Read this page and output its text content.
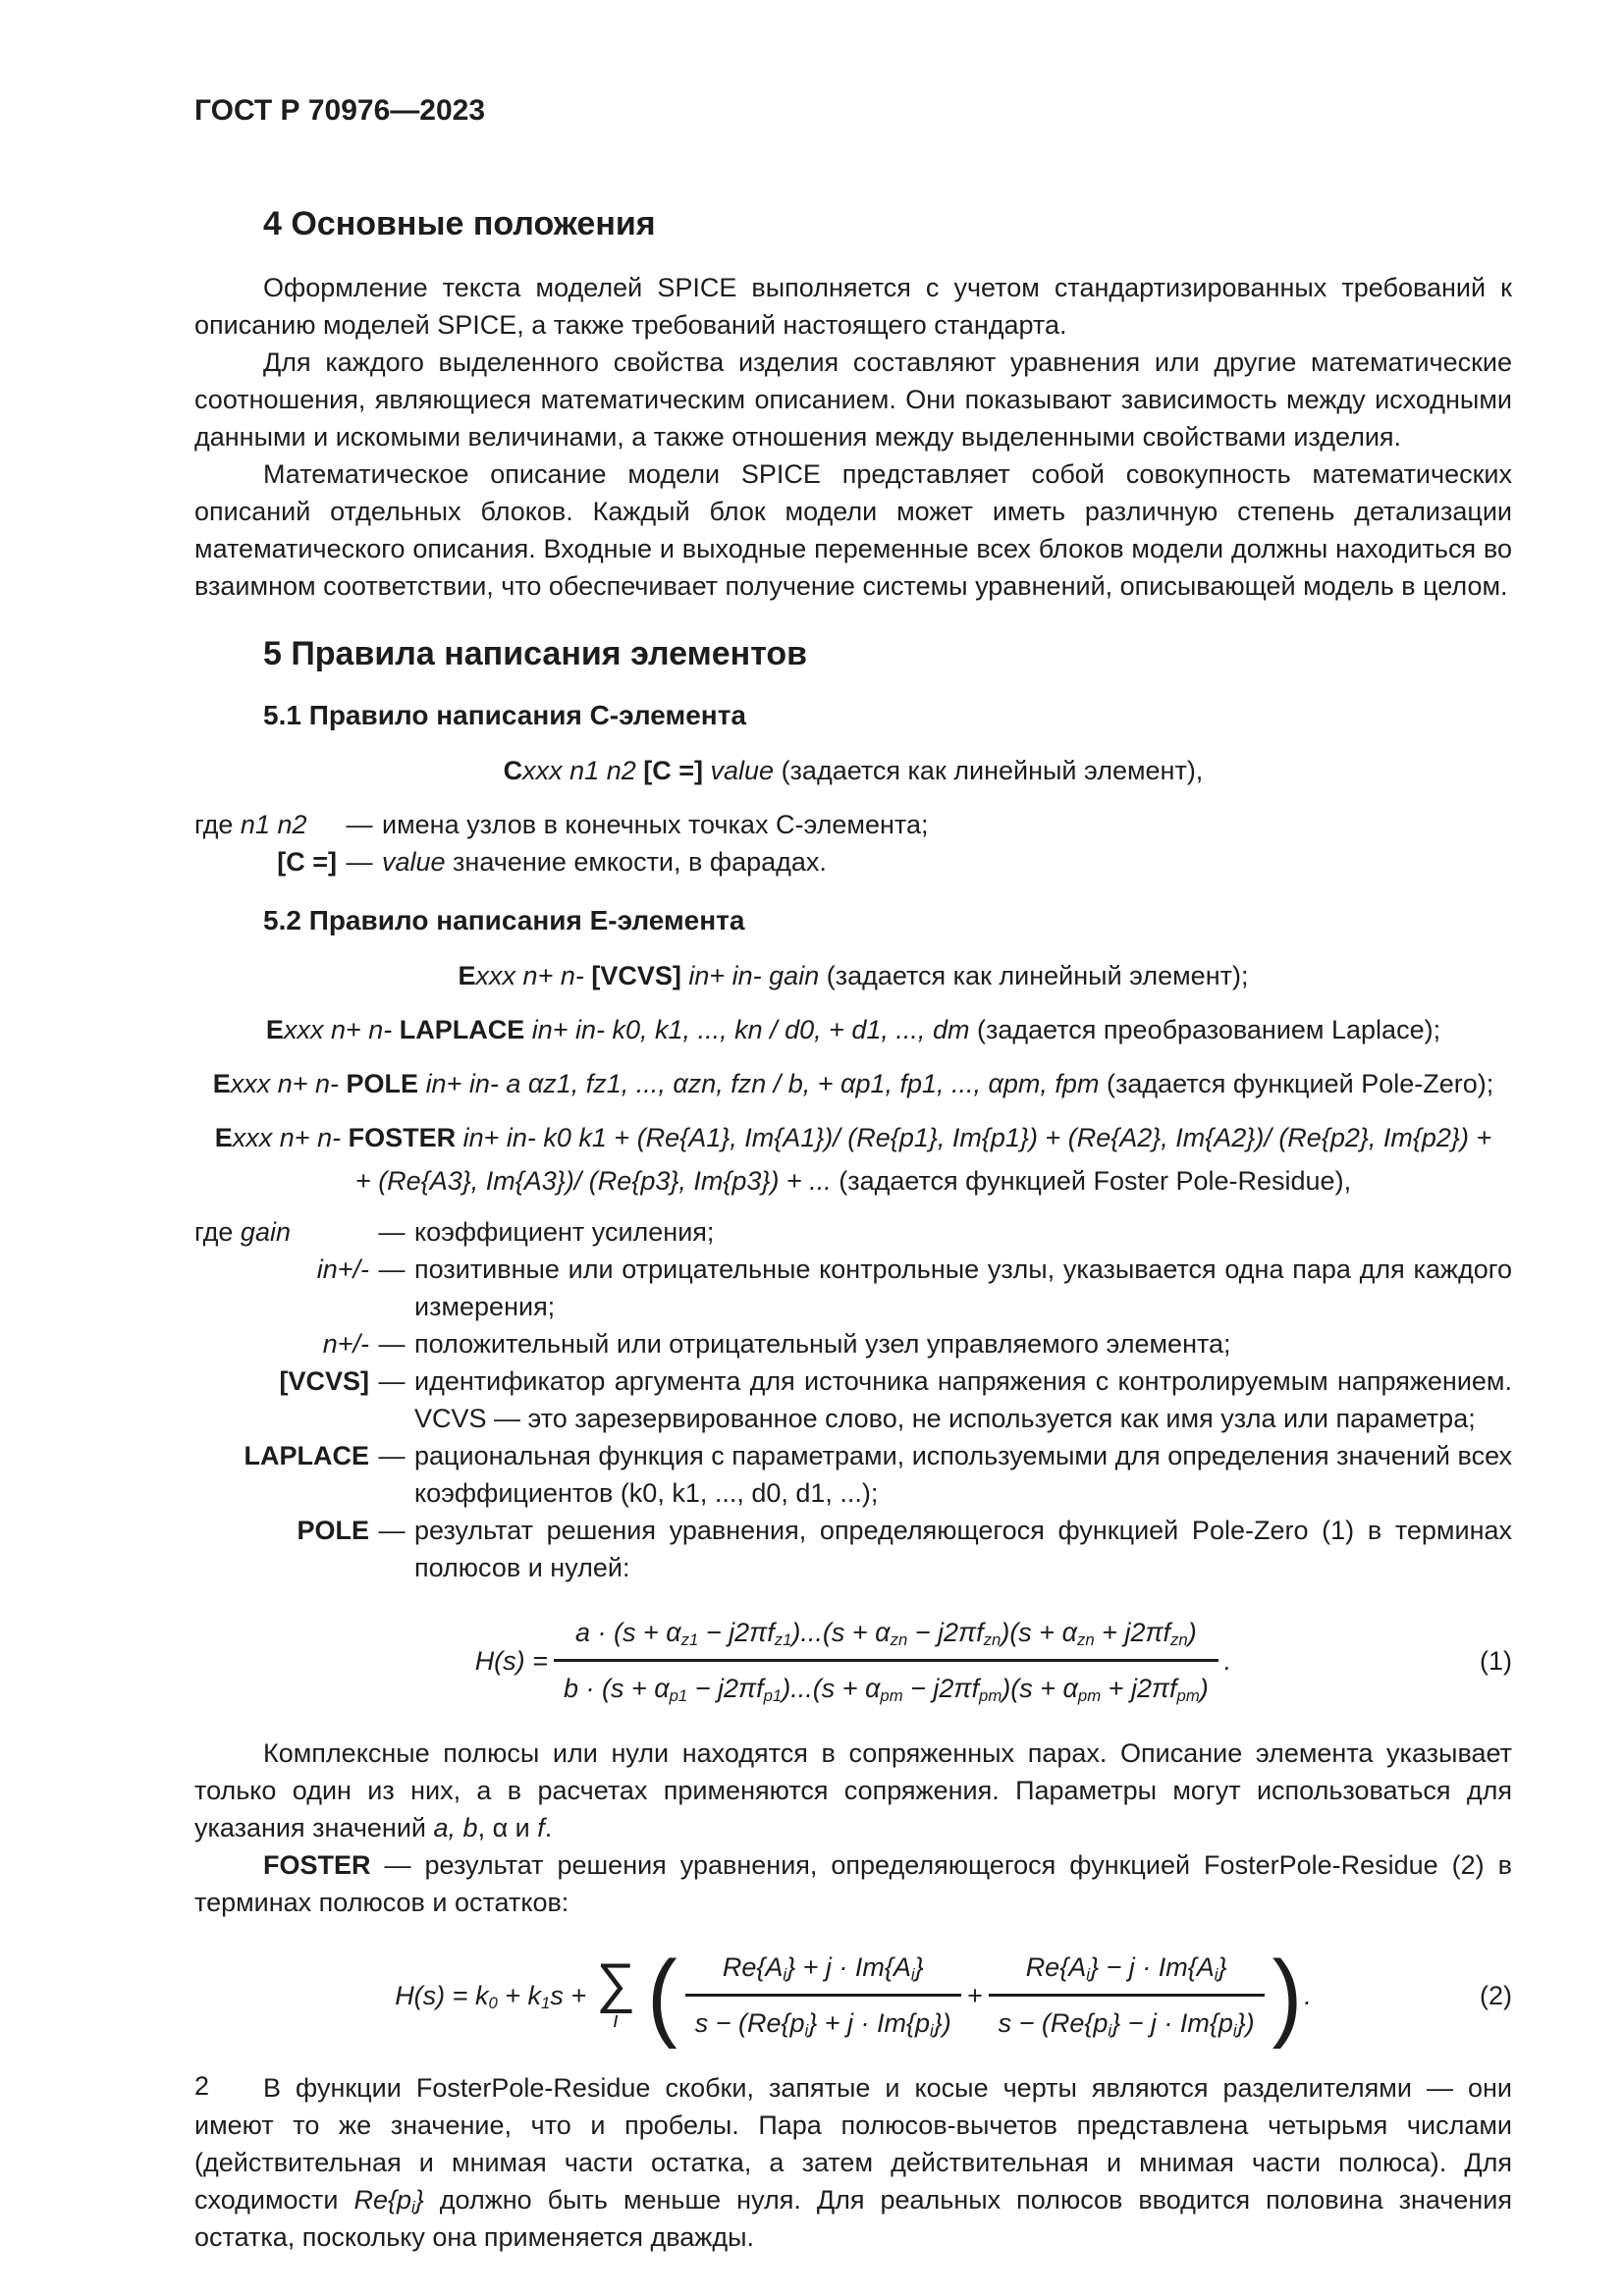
ГОСТ Р 70976—2023
4 Основные положения

Оформление текста моделей SPICE выполняется с учетом стандартизированных требований к описанию моделей SPICE, а также требований настоящего стандарта.

Для каждого выделенного свойства изделия составляют уравнения или другие математические соотношения, являющиеся математическим описанием. Они показывают зависимость между исходными данными и искомыми величинами, а также отношения между выделенными свойствами изделия.

Математическое описание модели SPICE представляет собой совокупность математических описаний отдельных блоков. Каждый блок модели может иметь различную степень детализации математического описания. Входные и выходные переменные всех блоков модели должны находиться во взаимном соответствии, что обеспечивает получение системы уравнений, описывающей модель в целом.

5 Правила написания элементов
5.1 Правило написания С-элемента
Cxxx n1 n2 [С =] value (задается как линейный элемент),
где n1 n2	— имена узлов в конечных точках С-элемента;
[С =] — value значение емкости, в фарадах.
5.2 Правило написания Е-элемента
Exxx n+ n- [VCVS] in+ in- gain (задается как линейный элемент);
Exxx n+ n- LAPLACE in+ in- k0, k1, ..., kn / d0, + d1, ..., dm (задается преобразованием Laplace);
Exxx n+ n- POLE in+ in- a αz1, fz1, ..., αzn, fzn / b, + αp1, fp1, ..., αpm, fpm (задается функцией Pole-Zero);
Exxx n+ n- FOSTER in+ in- k0 k1 + (Re{A1}, Im{A1})/ (Re{p1}, Im{p1}) + (Re{A2}, Im{A2})/ (Re{p2}, Im{p2}) +
+ (Re{A3}, Im{A3})/ (Re{p3}, Im{p3}) + ... (задается функцией Foster Pole-Residue),
где gain	— коэффициент усиления;
in+/- — позитивные или отрицательные контрольные узлы, указывается одна пара для каждого измерения;
n+/- — положительный или отрицательный узел управляемого элемента;
[VCVS] — идентификатор аргумента для источника напряжения с контролируемым напряжением. VCVS — это зарезервированное слово, не используется как имя узла или параметра;
LAPLACE — рациональная функция с параметрами, используемыми для определения значений всех коэффициентов (k0, k1, ..., d0, d1, ...);
POLE — результат решения уравнения, определяющегося функцией Pole-Zero (1) в терминах полюсов и нулей:
H(s) =
$a \cdot (s + \alpha_{z1} - j2\pi f_{z1})...(s + \alpha_{zn} - j2\pi f_{zn})(s + \alpha_{zn} + j2\pi f_{zn})$
$b \cdot (s + \alpha_{p1} - j2\pi f_{p1})...(s + \alpha_{pm} - j2\pi f_{pm})(s + \alpha_{pm} + j2\pi f_{pm})$
.	(1)

Комплексные полюсы или нули находятся в сопряженных парах. Описание элемента указывает только один из них, а в расчетах применяются сопряжения. Параметры могут использоваться для указания значений a, b, α и f.

FOSTER — результат решения уравнения, определяющегося функцией FosterPole-Residue (2) в терминах полюсов и остатков:

$H(s) = k_0 + k_1s$ + ∑
i ( $\frac{Re\{A_i\} + j \cdot Im\{A_i\}}{s - (Re\{p_i\} + j \cdot Im\{p_i\})} + \frac{Re\{A_i\} - j \cdot Im\{A_i\}}{s - (Re\{p_i\} - j \cdot Im\{p_i\})}$ ) .	(2)

В функции FosterPole-Residue скобки, запятые и косые черты являются разделителями — они имеют то же значение, что и пробелы. Пара полюсов-вычетов представлена четырьмя числами (действительная и мнимая части остатка, а затем действительная и мнимая части полюса). Для сходимости $Re\{p_i\}$ должно быть меньше нуля. Для реальных полюсов вводится половина значения остатка, поскольку она применяется дважды.

2
